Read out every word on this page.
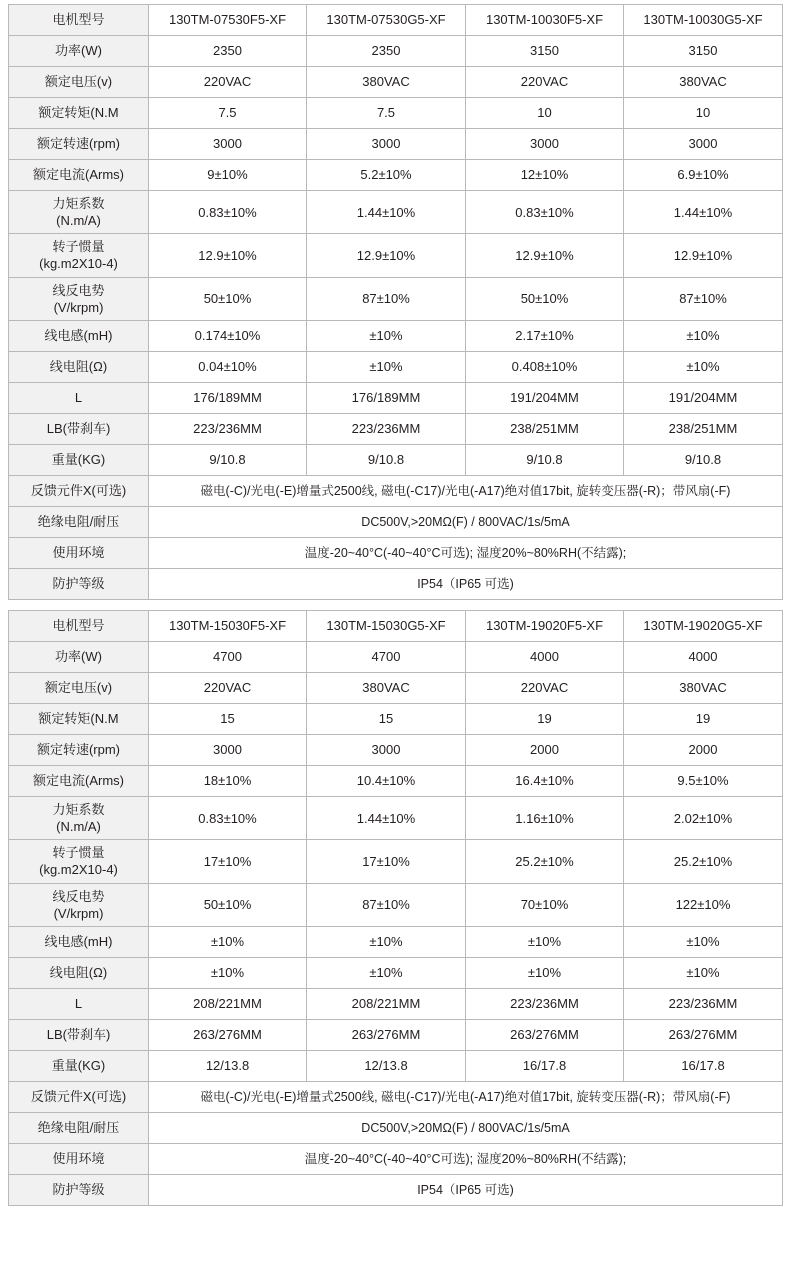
电机型号	130TM-07530F5-XF	130TM-07530G5-XF	130TM-10030F5-XF	130TM-10030G5-XF
功率(W)	2350	2350	3150	3150
额定电压(v)	220VAC	380VAC	220VAC	380VAC
额定转矩(N.M	7.5	7.5	10	10
额定转速(rpm)	3000	3000	3000	3000
额定电流(Arms)	9±10%	5.2±10%	12±10%	6.9±10%

力矩系数
(N.m/A)	0.83±10%	1.44±10%	0.83±10%	1.44±10%

转子惯量
(kg.m2X10-4)	12.9±10%	12.9±10%	12.9±10%	12.9±10%

线反电势
(V/krpm)	50±10%	87±10%	50±10%	87±10%
线电感(mH)	0.174±10%	±10%	2.17±10%	±10%
线电阻(Ω)	0.04±10%	±10%	0.408±10%	±10%
L	176/189MM	176/189MM	191/204MM	191/204MM
LB(带刹车)	223/236MM	223/236MM	238/251MM	238/251MM
重量(KG)	9/10.8	9/10.8	9/10.8	9/10.8
反馈元件X(可选)	磁电(-C)/光电(-E)增量式2500线, 磁电(-C17)/光电(-A17)绝对值17bit, 旋转变压器(-R)；带风扇(-F)			
绝缘电阻/耐压	DC500V,>20MΩ(F) / 800VAC/1s/5mA			
使用环境	温度-20~40°C(-40~40°C可选); 湿度20%~80%RH(不结露);			
防护等级	IP54（IP65 可选)			
电机型号	130TM-15030F5-XF	130TM-15030G5-XF	130TM-19020F5-XF	130TM-19020G5-XF
功率(W)	4700	4700	4000	4000
额定电压(v)	220VAC	380VAC	220VAC	380VAC
额定转矩(N.M	15	15	19	19
额定转速(rpm)	3000	3000	2000	2000
额定电流(Arms)	18±10%	10.4±10%	16.4±10%	9.5±10%

力矩系数
(N.m/A)	0.83±10%	1.44±10%	1.16±10%	2.02±10%

转子惯量
(kg.m2X10-4)	17±10%	17±10%	25.2±10%	25.2±10%

线反电势
(V/krpm)	50±10%	87±10%	70±10%	122±10%
线电感(mH)	±10%	±10%	±10%	±10%
线电阻(Ω)	±10%	±10%	±10%	±10%
L	208/221MM	208/221MM	223/236MM	223/236MM
LB(带刹车)	263/276MM	263/276MM	263/276MM	263/276MM
重量(KG)	12/13.8	12/13.8	16/17.8	16/17.8
反馈元件X(可选)	磁电(-C)/光电(-E)增量式2500线, 磁电(-C17)/光电(-A17)绝对值17bit, 旋转变压器(-R)；带风扇(-F)			
绝缘电阻/耐压	DC500V,>20MΩ(F) / 800VAC/1s/5mA			
使用环境	温度-20~40°C(-40~40°C可选); 湿度20%~80%RH(不结露);			
防护等级	IP54（IP65 可选)			
